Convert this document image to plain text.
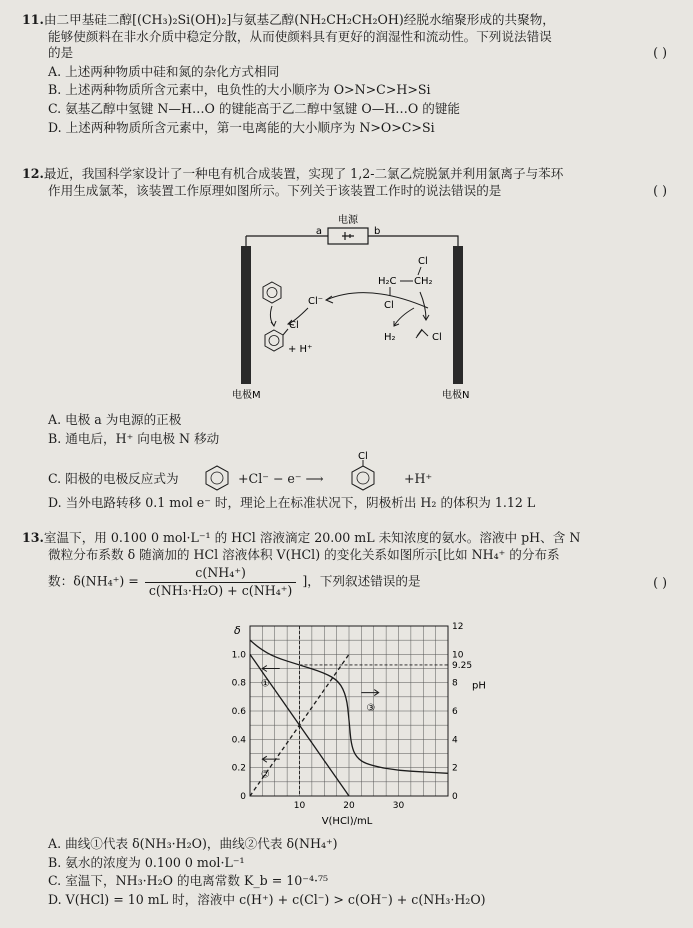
11.由二甲基硅二醇[(CH₃)₂Si(OH)₂]与氨基乙醇(NH₂CH₂CH₂OH)经脱水缩聚形成的共聚物，

能够使颜料在非水介质中稳定分散，从而使颜料具有更好的润湿性和流动性。下列说法错误

的是	( )

A. 上述两种物质中硅和氮的杂化方式相同

B. 上述两种物质所含元素中，电负性的大小顺序为 O>N>C>H>Si

C. 氨基乙醇中氢键 N—H…O 的键能高于乙二醇中氢键 O—H…O 的键能

D. 上述两种物质所含元素中，第一电离能的大小顺序为 N>O>C>Si

12.最近，我国科学家设计了一种电有机合成装置，实现了 1,2-二氯乙烷脱氯并利用氯离子与苯环

作用生成氯苯，该装置工作原理如图所示。下列关于该装置工作时的说法错误的是	( )

电源
a	b
电极M	电极N
Cl
+ H⁺
Cl⁻
Cl
H₂C CH₂
Cl
H₂	Cl

A. 电极 a 为电源的正极

B. 通电后，H⁺ 向电极 N 移动

C. 阳极的电极反应式为	+Cl⁻ − e⁻ ⟶
Cl
+H⁺

D. 当外电路转移 0.1 mol e⁻ 时，理论上在标准状况下，阴极析出 H₂ 的体积为 1.12 L

13.室温下，用 0.100 0 mol·L⁻¹ 的 HCl 溶液滴定 20.00 mL 未知浓度的氨水。溶液中 pH、含 N

微粒分布系数 δ 随滴加的 HCl 溶液体积 V(HCl) 的变化关系如图所示[比如 NH₄⁺ 的分布系

数：$\delta(NH_4^+) = \frac{\text{c(NH₄⁺)}}{\text{c(NH₃·H₂O) + c(NH₄⁺)}}$ ]，下列叙述错误的是	( )

δ
pH
V(HCl)/mL
0.2
0.4
0.6
0.8
1.0
0	0
2
4
6
8
9.25
10
12
10	20	30
①
②
③

A. 曲线①代表 δ(NH₃·H₂O)，曲线②代表 δ(NH₄⁺)

B. 氨水的浓度为 0.100 0 mol·L⁻¹

C. 室温下，NH₃·H₂O 的电离常数 K_b = 10⁻⁴·⁷⁵

D. V(HCl) = 10 mL 时，溶液中 c(H⁺) + c(Cl⁻) > c(OH⁻) + c(NH₃·H₂O)
